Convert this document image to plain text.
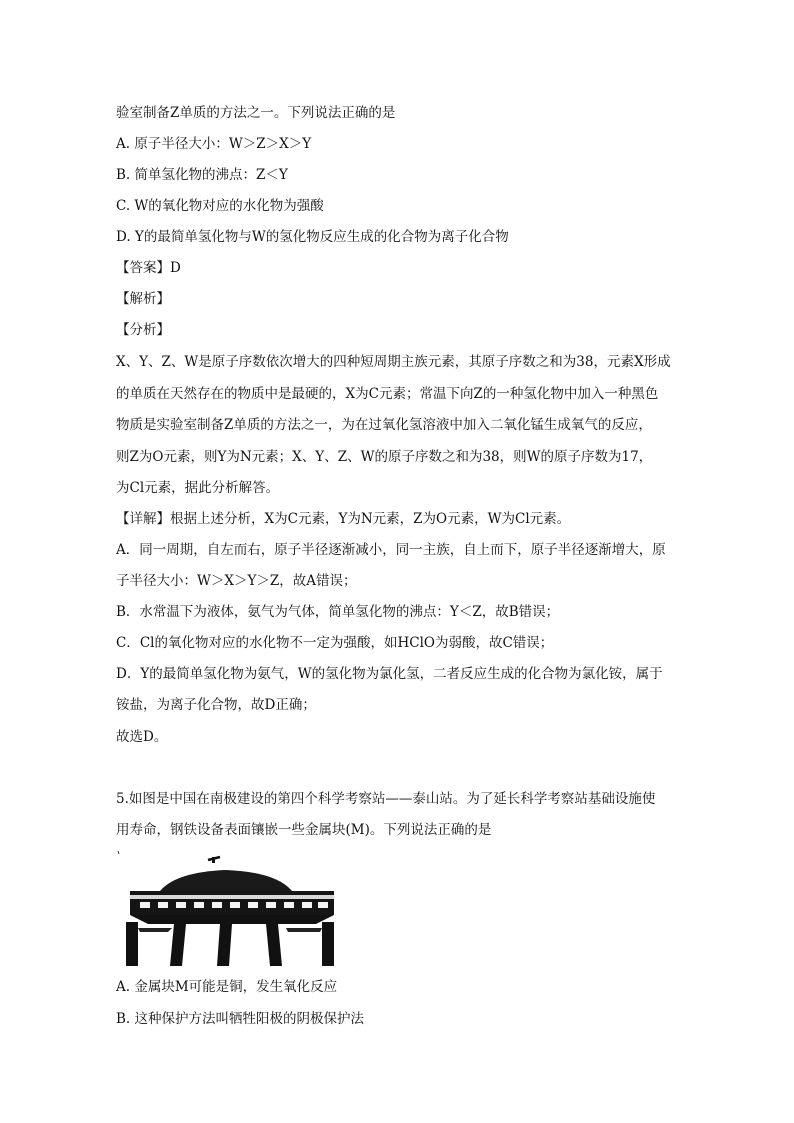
验室制备Z单质的方法之一。下列说法正确的是
A. 原子半径大小：W＞Z＞X＞Y
B. 简单氢化物的沸点：Z＜Y
C. W的氧化物对应的水化物为强酸
D. Y的最简单氢化物与W的氢化物反应生成的化合物为离子化合物
【答案】D
【解析】
【分析】
X、Y、Z、W是原子序数依次增大的四种短周期主族元素，其原子序数之和为38，元素X形成
的单质在天然存在的物质中是最硬的，X为C元素；常温下向Z的一种氢化物中加入一种黑色
物质是实验室制备Z单质的方法之一，为在过氧化氢溶液中加入二氧化锰生成氧气的反应，
则Z为O元素，则Y为N元素；X、Y、Z、W的原子序数之和为38，则W的原子序数为17，
为Cl元素，据此分析解答。
【详解】根据上述分析，X为C元素，Y为N元素，Z为O元素，W为Cl元素。
A．同一周期，自左而右，原子半径逐渐减小，同一主族，自上而下，原子半径逐渐增大，原
子半径大小：W＞X＞Y＞Z，故A错误；
B．水常温下为液体，氨气为气体，简单氢化物的沸点：Y＜Z，故B错误；
C．Cl的氧化物对应的水化物不一定为强酸，如HClO为弱酸，故C错误；
D．Y的最简单氢化物为氨气，W的氢化物为氯化氢，二者反应生成的化合物为氯化铵，属于
铵盐，为离子化合物，故D正确；
故选D。
5.如图是中国在南极建设的第四个科学考察站——泰山站。为了延长科学考察站基础设施使
用寿命，钢铁设备表面镶嵌一些金属块(M)。下列说法正确的是
A. 金属块M可能是铜，发生氧化反应
B. 这种保护方法叫牺牲阳极的阴极保护法
